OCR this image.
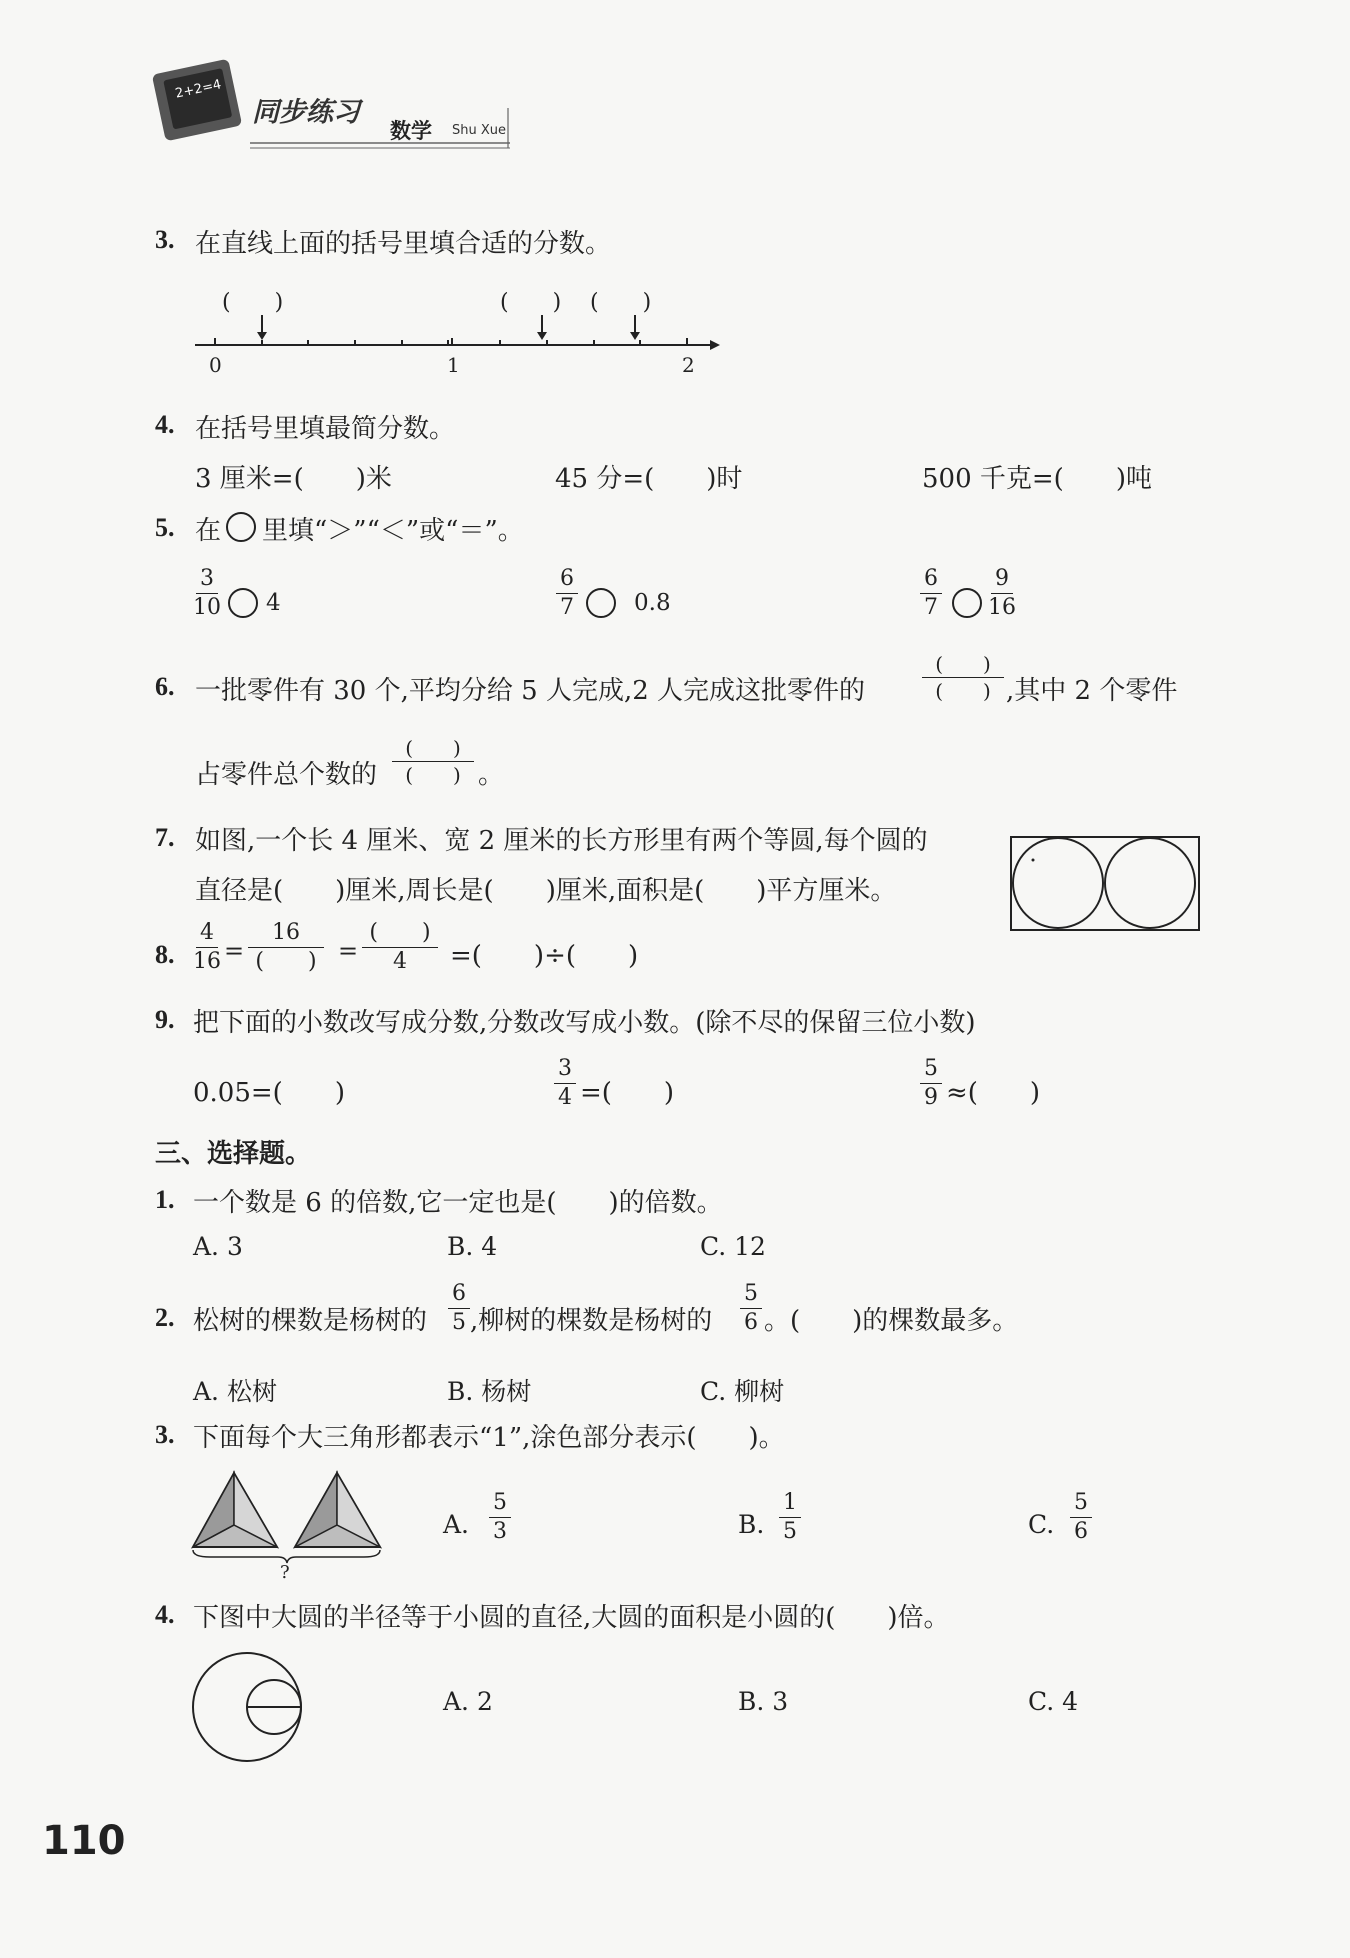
2+2=4
同步练习
数学 Shu Xue
3. 在直线上面的括号里填合适的分数。
(　　)	(　　) (　　)
0	1	2
4. 在括号里填最简分数。
3 厘米=(　　)米	45 分=(　　)时	500 千克=(　　)吨
5. 在 里填“＞”“＜”或“＝”。
$\frac{3}{10} 4$	$\frac{6}{7} 0.8$	$\frac{6}{7} \frac{9}{16}$
6. 一批零件有 30 个,平均分给 5 人完成,2 人完成这批零件的
(　　)
(　　) ,其中 2 个零件
占零件总个数的
(　　)
(　　) 。
7. 如图,一个长 4 厘米、宽 2 厘米的长方形里有两个等圆,每个圆的
直径是(　　)厘米,周长是(　　)厘米,面积是(　　)平方厘米。
8. $\frac{4}{16}$ =
16
(　　) =
(　　)
4 =(　　)÷(　　)
9. 把下面的小数改写成分数,分数改写成小数。(除不尽的保留三位小数)
0.05=(　　)	$\frac{3}{4}$ =(　　)	$\frac{5}{9}$ ≈(　　)
三、选择题。
1. 一个数是 6 的倍数,它一定也是(　　)的倍数。
A. 3	B. 4	C. 12
2. 松树的棵数是杨树的 $\frac{6}{5}$ ,柳树的棵数是杨树的 $\frac{5}{6}$ 。(　　)的棵数最多。
A. 松树	B. 杨树	C. 柳树
3. 下面每个大三角形都表示“1”,涂色部分表示(　　)。
?
A. $\frac{5}{3}$	B. $\frac{1}{5}$	C. $\frac{5}{6}$
4. 下图中大圆的半径等于小圆的直径,大圆的面积是小圆的(　　)倍。
A. 2	B. 3	C. 4
110
